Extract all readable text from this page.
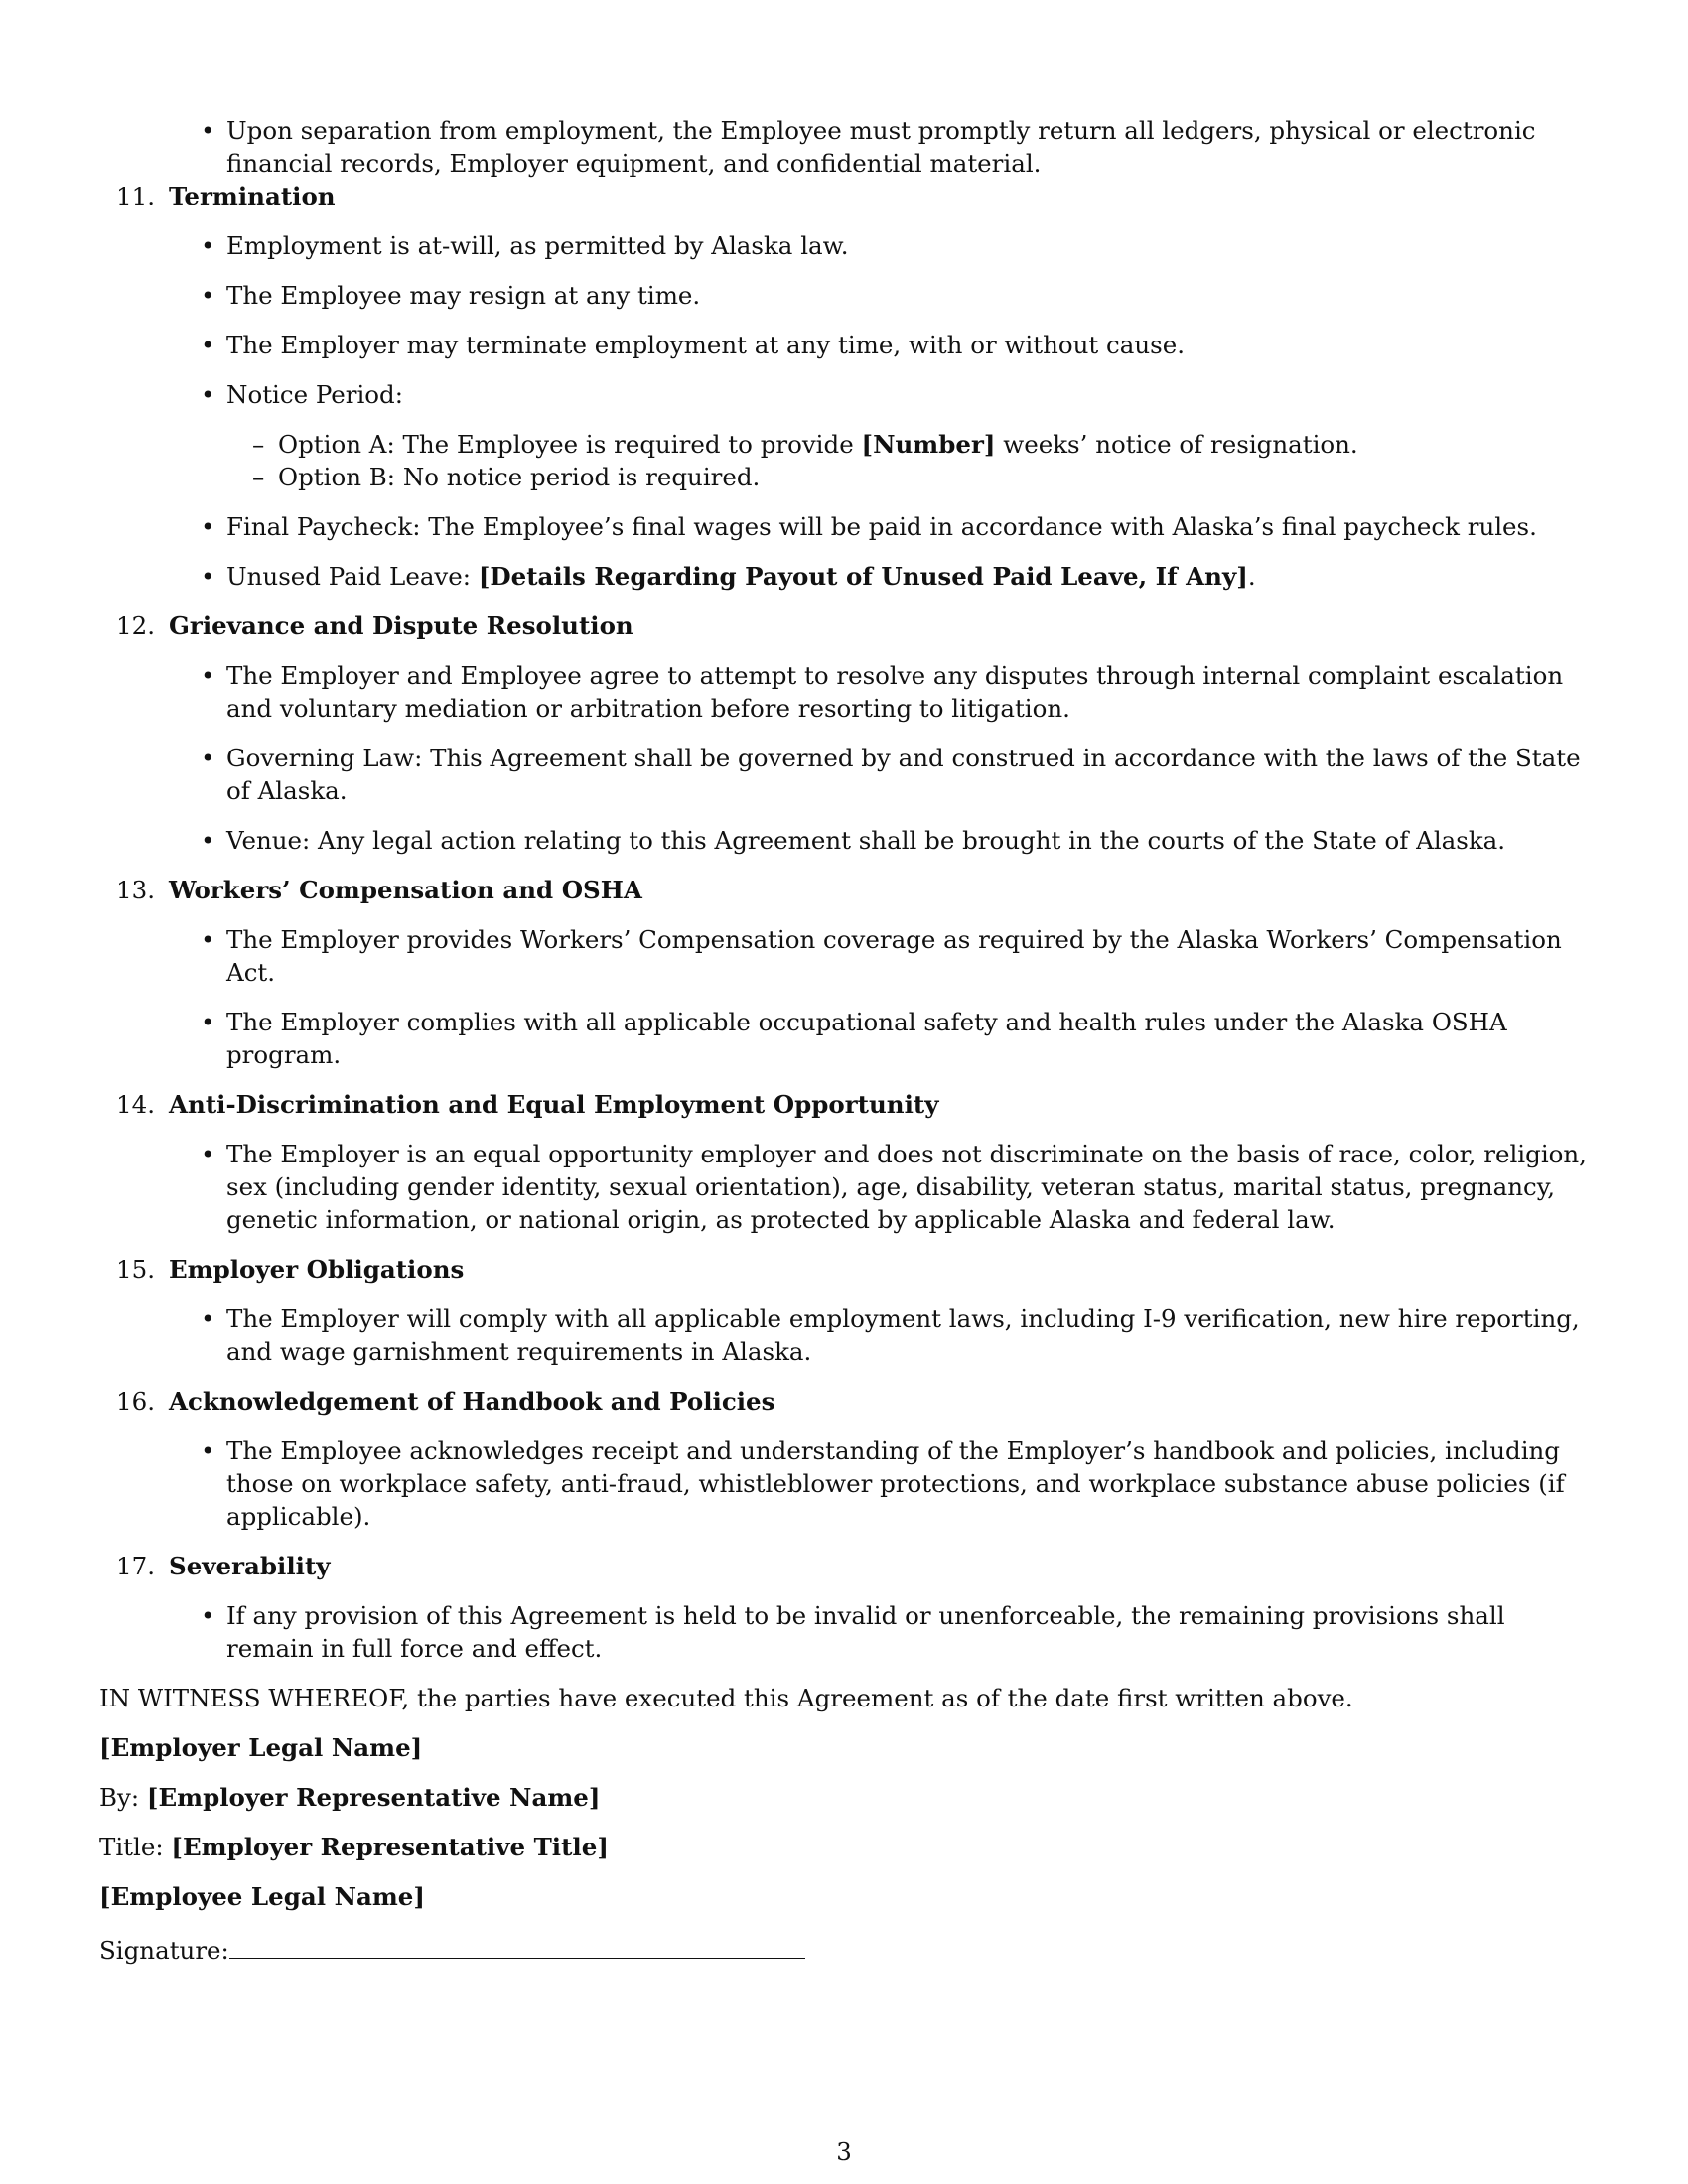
• Upon separation from employment, the Employee must promptly return all ledgers, physical or electronic financial records, Employer equipment, and confidential material.
11. Termination
• Employment is at-will, as permitted by Alaska law.
• The Employee may resign at any time.
• The Employer may terminate employment at any time, with or without cause.
• Notice Period:
– Option A: The Employee is required to provide [Number] weeks’ notice of resignation.
– Option B: No notice period is required.
• Final Paycheck: The Employee’s final wages will be paid in accordance with Alaska’s final paycheck rules.
• Unused Paid Leave: [Details Regarding Payout of Unused Paid Leave, If Any].
12. Grievance and Dispute Resolution
• The Employer and Employee agree to attempt to resolve any disputes through internal complaint escalation and voluntary mediation or arbitration before resorting to litigation.
• Governing Law: This Agreement shall be governed by and construed in accordance with the laws of the State of Alaska.
• Venue: Any legal action relating to this Agreement shall be brought in the courts of the State of Alaska.
13. Workers’ Compensation and OSHA
• The Employer provides Workers’ Compensation coverage as required by the Alaska Workers’ Compensation Act.
• The Employer complies with all applicable occupational safety and health rules under the Alaska OSHA program.
14. Anti-Discrimination and Equal Employment Opportunity
• The Employer is an equal opportunity employer and does not discriminate on the basis of race, color, religion, sex (including gender identity, sexual orientation), age, disability, veteran status, marital status, pregnancy, genetic information, or national origin, as protected by applicable Alaska and federal law.
15. Employer Obligations
• The Employer will comply with all applicable employment laws, including I-9 verification, new hire reporting, and wage garnishment requirements in Alaska.
16. Acknowledgement of Handbook and Policies
• The Employee acknowledges receipt and understanding of the Employer’s handbook and policies, including those on workplace safety, anti-fraud, whistleblower protections, and workplace substance abuse policies (if applicable).
17. Severability
• If any provision of this Agreement is held to be invalid or unenforceable, the remaining provisions shall remain in full force and effect.

IN WITNESS WHEREOF, the parties have executed this Agreement as of the date first written above.

[Employer Legal Name]

By: [Employer Representative Name]

Title: [Employer Representative Title]

[Employee Legal Name]

Signature:

3
